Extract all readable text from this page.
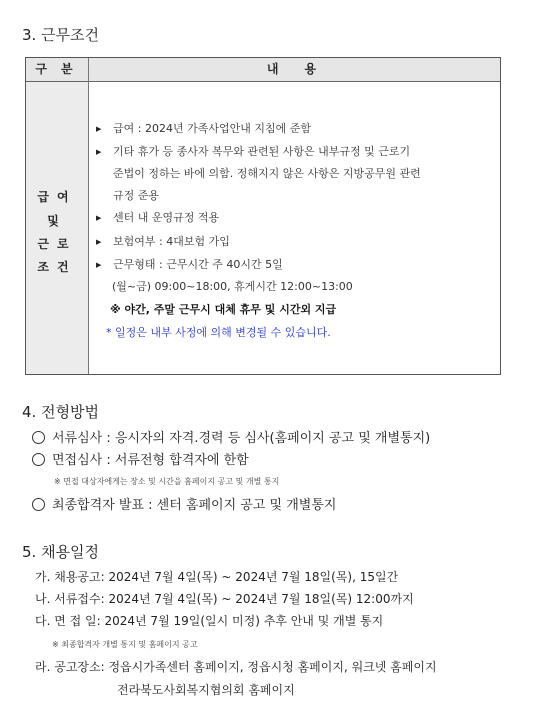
3. 근무조건
구분	내용
급여
및
근로
조건
▶ 급여 : 2024년 가족사업안내 지침에 준함
▶ 기타 휴가 등 종사자 복무와 관련된 사항은 내부규정 및 근로기
준법이 정하는 바에 의함. 정해지지 않은 사항은 지방공무원 관련
규정 준용
▶ 센터 내 운영규정 적용
▶ 보험여부 : 4대보험 가입
▶ 근무형태 : 근무시간 주 40시간 5일
(월~금) 09:00~18:00, 휴게시간 12:00~13:00
※ 야간, 주말 근무시 대체 휴무 및 시간외 지급
* 일정은 내부 사정에 의해 변경될 수 있습니다.
4. 전형방법
서류심사 : 응시자의 자격.경력 등 심사(홈페이지 공고 및 개별통지)
면접심사 : 서류전형 합격자에 한함
※ 면접 대상자에게는 장소 및 시간을 홈페이지 공고 및 개별 통지
최종합격자 발표 : 센터 홈페이지 공고 및 개별통지
5. 채용일정
가. 채용공고: 2024년 7월 4일(목) ~ 2024년 7월 18일(목), 15일간
나. 서류접수: 2024년 7월 4일(목) ~ 2024년 7월 18일(목) 12:00까지
다. 면 접 일: 2024년 7월 19일(일시 미정) 추후 안내 및 개별 통지
※ 최종합격자 개별 통지 및 홈페이지 공고
라. 공고장소: 정읍시가족센터 홈페이지, 정읍시청 홈페이지, 워크넷 홈페이지
전라북도사회복지협의회 홈페이지
